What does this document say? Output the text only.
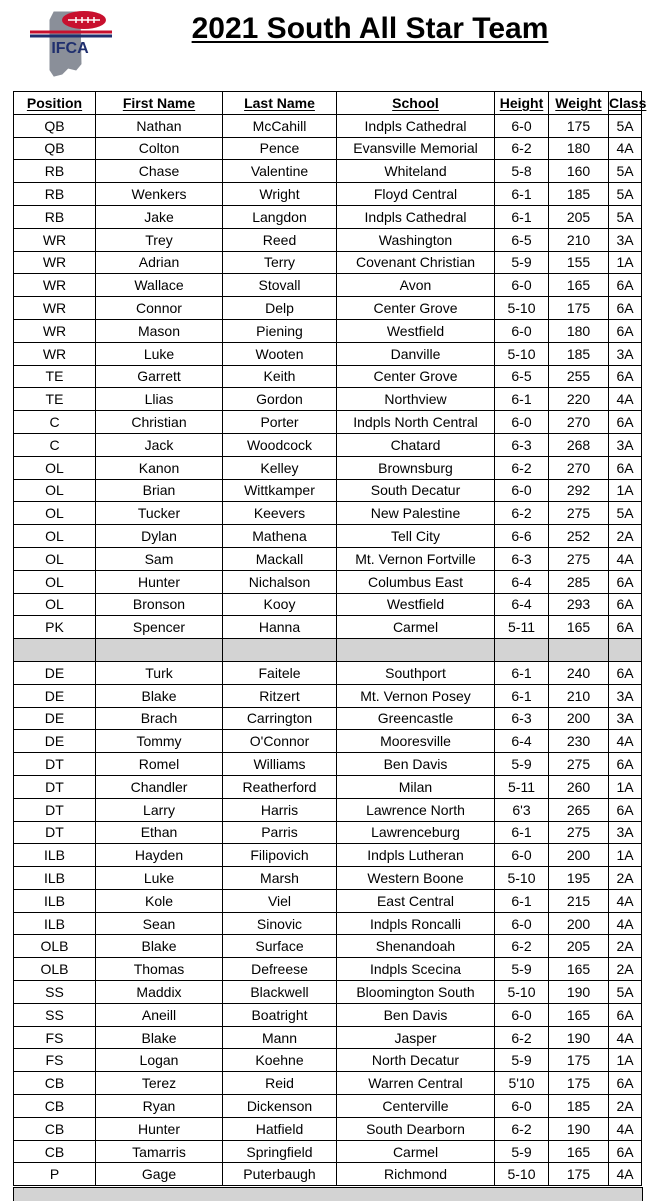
IFCA
2021 South All Star Team
Position	First Name	Last Name	School	Height	Weight	Class
QB	Nathan	McCahill	Indpls Cathedral	6-0	175	5A
QB	Colton	Pence	Evansville Memorial	6-2	180	4A
RB	Chase	Valentine	Whiteland	5-8	160	5A
RB	Wenkers	Wright	Floyd Central	6-1	185	5A
RB	Jake	Langdon	Indpls Cathedral	6-1	205	5A
WR	Trey	Reed	Washington	6-5	210	3A
WR	Adrian	Terry	Covenant Christian	5-9	155	1A
WR	Wallace	Stovall	Avon	6-0	165	6A
WR	Connor	Delp	Center Grove	5-10	175	6A
WR	Mason	Piening	Westfield	6-0	180	6A
WR	Luke	Wooten	Danville	5-10	185	3A
TE	Garrett	Keith	Center Grove	6-5	255	6A
TE	Llias	Gordon	Northview	6-1	220	4A
C	Christian	Porter	Indpls North Central	6-0	270	6A
C	Jack	Woodcock	Chatard	6-3	268	3A
OL	Kanon	Kelley	Brownsburg	6-2	270	6A
OL	Brian	Wittkamper	South Decatur	6-0	292	1A
OL	Tucker	Keevers	New Palestine	6-2	275	5A
OL	Dylan	Mathena	Tell City	6-6	252	2A
OL	Sam	Mackall	Mt. Vernon Fortville	6-3	275	4A
OL	Hunter	Nichalson	Columbus East	6-4	285	6A
OL	Bronson	Kooy	Westfield	6-4	293	6A
PK	Spencer	Hanna	Carmel	5-11	165	6A

DE	Turk	Faitele	Southport	6-1	240	6A
DE	Blake	Ritzert	Mt. Vernon Posey	6-1	210	3A
DE	Brach	Carrington	Greencastle	6-3	200	3A
DE	Tommy	O'Connor	Mooresville	6-4	230	4A
DT	Romel	Williams	Ben Davis	5-9	275	6A
DT	Chandler	Reatherford	Milan	5-11	260	1A
DT	Larry	Harris	Lawrence North	6'3	265	6A
DT	Ethan	Parris	Lawrenceburg	6-1	275	3A
ILB	Hayden	Filipovich	Indpls Lutheran	6-0	200	1A
ILB	Luke	Marsh	Western Boone	5-10	195	2A
ILB	Kole	Viel	East Central	6-1	215	4A
ILB	Sean	Sinovic	Indpls Roncalli	6-0	200	4A
OLB	Blake	Surface	Shenandoah	6-2	205	2A
OLB	Thomas	Defreese	Indpls Scecina	5-9	165	2A
SS	Maddix	Blackwell	Bloomington South	5-10	190	5A
SS	Aneill	Boatright	Ben Davis	6-0	165	6A
FS	Blake	Mann	Jasper	6-2	190	4A
FS	Logan	Koehne	North Decatur	5-9	175	1A
CB	Terez	Reid	Warren Central	5'10	175	6A
CB	Ryan	Dickenson	Centerville	6-0	185	2A
CB	Hunter	Hatfield	South Dearborn	6-2	190	4A
CB	Tamarris	Springfield	Carmel	5-9	165	6A
P	Gage	Puterbaugh	Richmond	5-10	175	4A
